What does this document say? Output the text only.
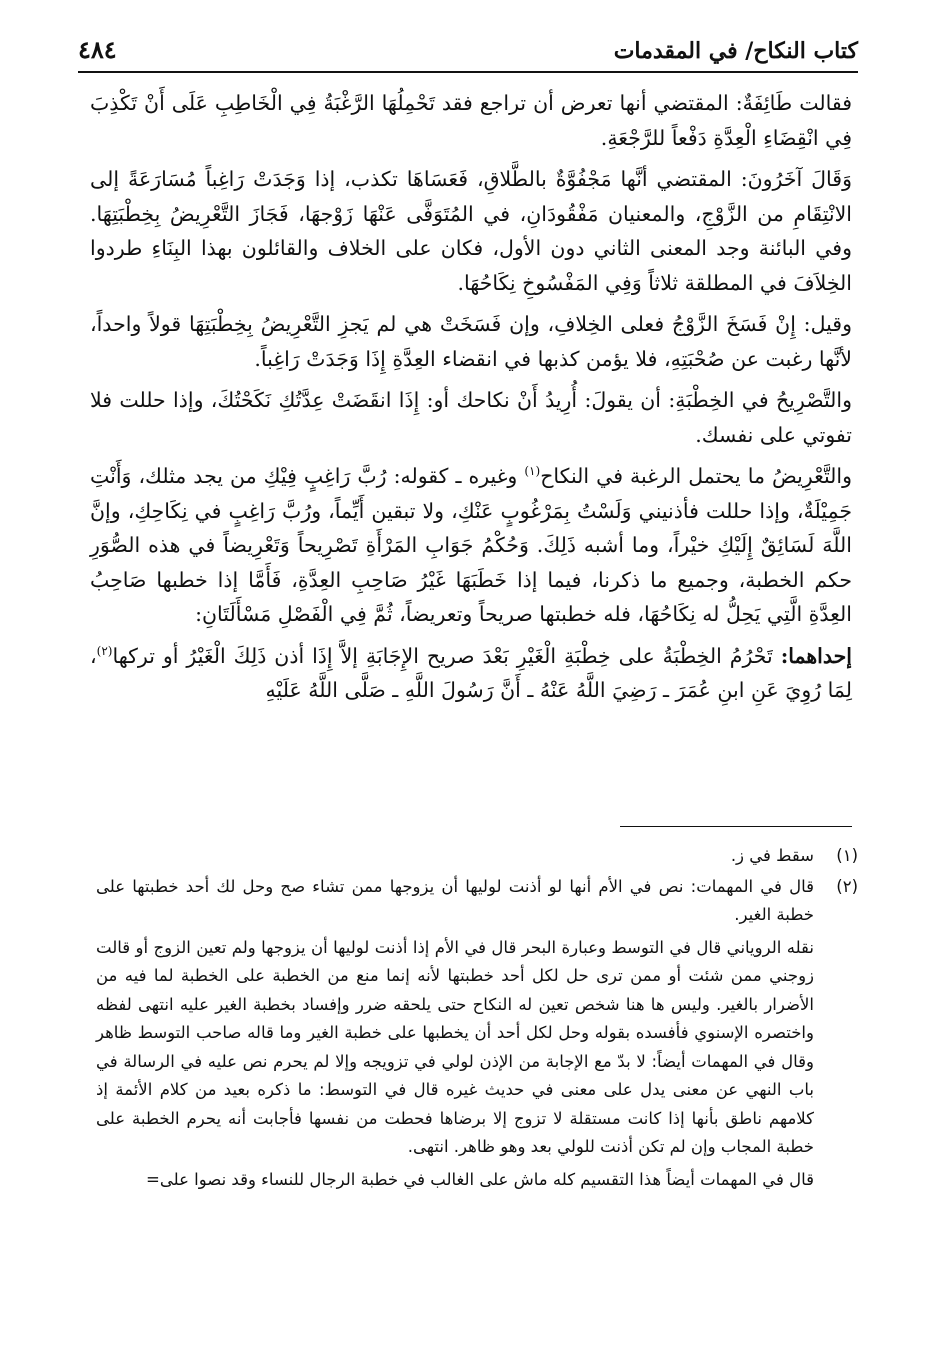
كتاب النكاح/ في المقدمات
٤٨٤

فقالت طَائِفَةٌ: المقتضي أنها تعرض أن تراجع فقد تَحْمِلُهَا الرَّغْبَةُ فِي الْخَاطِبِ عَلَى أَنْ تَكْذِبَ فِي انْقِضَاءِ الْعِدَّةِ دَفْعاً للرَّجْعَةِ.

وَقَالَ آخَرُونَ: المقتضي أنَّها مَجْفُوَّةٌ بالطَّلاقِ، فَعَسَاهَا تكذب، إذا وَجَدَتْ رَاغِباً مُسَارَعَةً إلى الانْتِقَامِ من الزَّوْجِ، والمعنيان مَفْقُودَانِ، في المُتَوَفَّى عَنْهَا زَوْجهَا، فَجَازَ التَّعْرِيضُ بِخِطْبَتِهَا. وفي البائنة وجد المعنى الثاني دون الأول، فكان على الخلاف والقائلون بهذا البِنَاءِ طردوا الخِلاَفَ في المطلقة ثلاثاً وَفِي المَفْسُوخِ نِكَاحُهَا.

وقيل: إِنْ فَسَخَ الزَّوْجُ فعلى الخِلافِ، وإن فَسَخَتْ هي لم يَجزِ التَّعْرِيضُ بِخِطْبَتِهَا قولاً واحداً، لأنَّها رغبت عن صُحْبَتِهِ، فلا يؤمن كذبها في انقضاء العِدَّةِ إِذَا وَجَدَتْ رَاغِباً.

والتَّصْرِيحُ في الخِطْبَةِ: أن يقولَ: أُرِيدُ أَنْ نكاحك أو: إِذَا انقَضَتْ عِدَّتُكِ نَكَحْتُكَ، وإذا حللت فلا تفوتي على نفسك.

والتَّعْرِيضُ ما يحتمل الرغبة في النكاح$^{(١)}$ وغيره ـ كقوله: رُبَّ رَاغِبٍ فِيْكِ من يجد مثلك، وَأَنْتِ جَمِيْلَةٌ، وإذا حللت فأذنيني وَلَسْتُ بِمَرْغُوبٍ عَنْكِ، ولا تبقين أَيِّماً، ورُبَّ رَاغِبٍ في نِكَاحِكِ، وإنَّ اللَّهَ لَسَائِقٌ إِلَيْكِ خيْراً، وما أشبه ذَلِكَ. وَحُكْمُ جَوَابِ المَرْأَةِ تَصْرِيحاً وَتَعْرِيضاً في هذه الصُّوَرِ حكم الخطبة، وجميع ما ذكرنا، فيما إذا خَطَبَهَا غَيْرُ صَاحِبِ العِدَّةِ، فَأَمَّا إذا خطبها صَاحِبُ العِدَّةِ الَّتِي يَحِلُّ له نِكَاحُهَا، فله خطبتها صريحاً وتعريضاً، ثُمَّ فِي الْفَصْلِ مَسْأَلَتَانِ:

إحداهما: تَحْرُمُ الخِطْبَةُ على خِطْبَةِ الْغَيْرِ بَعْدَ صريح الإِجَابَةِ إلاَّ إِذَا أذن ذَلِكَ الْغَيْرُ أو تركها$^{(٢)}$، لِمَا رُوِيَ عَنِ ابنِ عُمَرَ ـ رَضِيَ اللَّهُ عَنْهُ ـ أَنَّ رَسُولَ اللَّهِ ـ صَلَّى اللَّهُ عَلَيْهِ

(١)
سقط في ز.
(٢)
قال في المهمات: نص في الأم أنها لو أذنت لوليها أن يزوجها ممن تشاء صح وحل لك أحد خطبتها على خطبة الغير.
نقله الروياني قال في التوسط وعبارة البحر قال في الأم إذا أذنت لوليها أن يزوجها ولم تعين الزوج أو قالت زوجني ممن شئت أو ممن ترى حل لكل أحد خطبتها لأنه إنما منع من الخطبة على الخطبة لما فيه من الأضرار بالغير. وليس ها هنا شخص تعين له النكاح حتى يلحقه ضرر وإفساد بخطبة الغير عليه انتهى لفظه واختصره الإسنوي فأفسده بقوله وحل لكل أحد أن يخطبها على خطبة الغير وما قاله صاحب التوسط ظاهر وقال في المهمات أيضاً: لا بدّ مع الإجابة من الإذن لولي في تزويجه وإلا لم يحرم نص عليه في الرسالة في باب النهي عن معنى يدل على معنى في حديث غيره قال في التوسط: ما ذكره بعيد من كلام الأئمة إذ كلامهم ناطق بأنها إذا كانت مستقلة لا تزوج إلا برضاها فحطت من نفسها فأجابت أنه يحرم الخطبة على خطبة المجاب وإن لم تكن أذنت للولي بعد وهو ظاهر. انتهى.
قال في المهمات أيضاً هذا التقسيم كله ماش على الغالب في خطبة الرجال للنساء وقد نصوا على=
